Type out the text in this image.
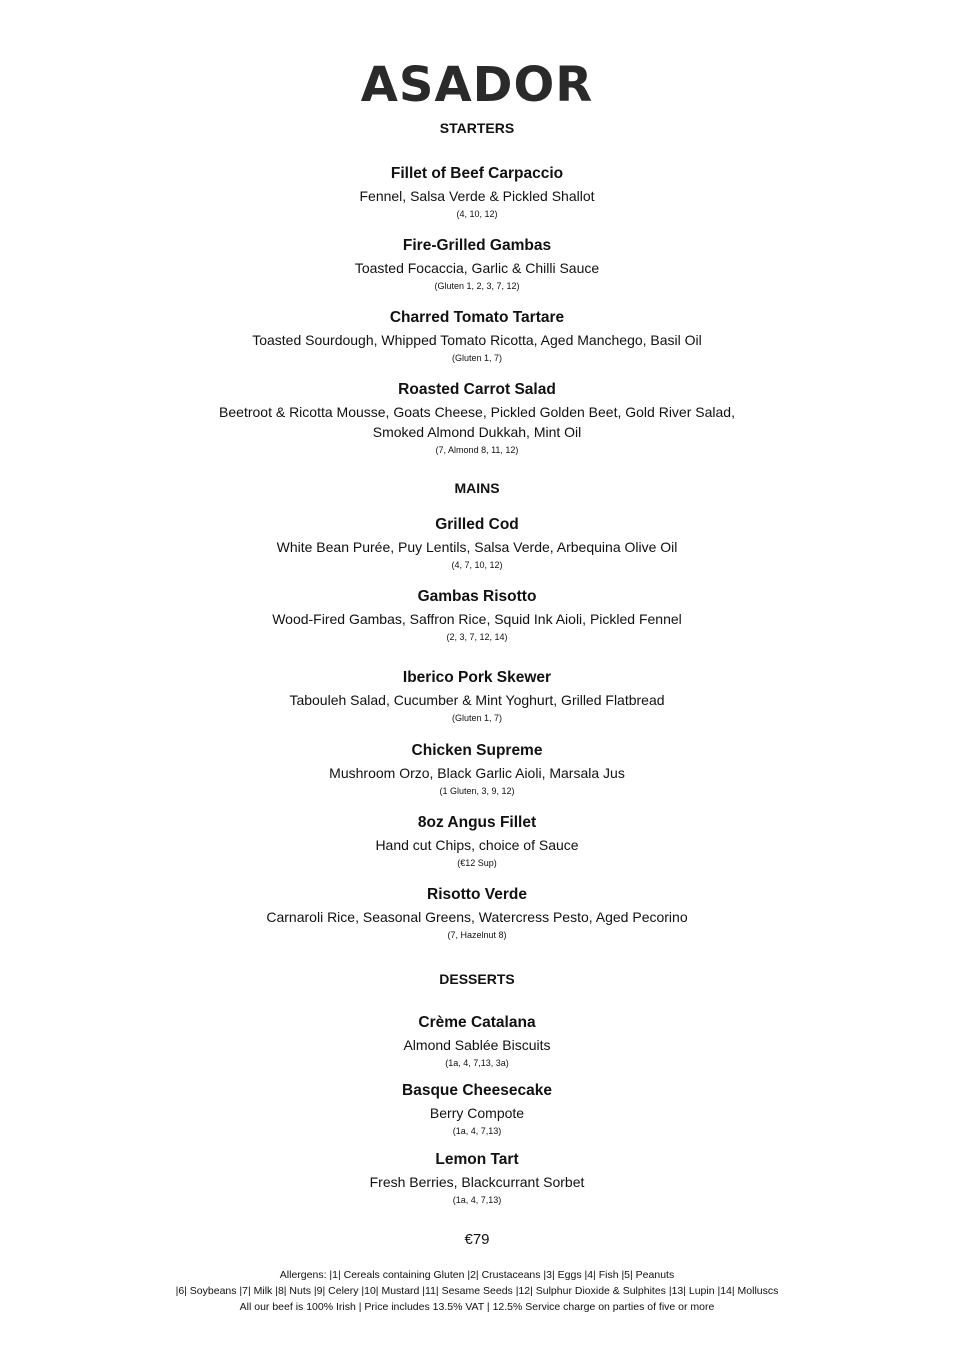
ASADOR
STARTERS

Fillet of Beef Carpaccio

Fennel, Salsa Verde & Pickled Shallot

(4, 10, 12)

Fire-Grilled Gambas

Toasted Focaccia, Garlic & Chilli Sauce

(Gluten 1, 2, 3, 7, 12)

Charred Tomato Tartare

Toasted Sourdough, Whipped Tomato Ricotta, Aged Manchego, Basil Oil

(Gluten 1, 7)

Roasted Carrot Salad

Beetroot & Ricotta Mousse, Goats Cheese, Pickled Golden Beet, Gold River Salad, Smoked Almond Dukkah, Mint Oil

(7, Almond 8, 11, 12)

MAINS

Grilled Cod

White Bean Purée, Puy Lentils, Salsa Verde, Arbequina Olive Oil

(4, 7, 10, 12)

Gambas Risotto

Wood-Fired Gambas, Saffron Rice, Squid Ink Aioli, Pickled Fennel

(2, 3, 7, 12, 14)

Iberico Pork Skewer

Tabouleh Salad, Cucumber & Mint Yoghurt, Grilled Flatbread

(Gluten 1, 7)

Chicken Supreme

Mushroom Orzo, Black Garlic Aioli, Marsala Jus

(1 Gluten, 3, 9, 12)

8oz Angus Fillet

Hand cut Chips, choice of Sauce

(€12 Sup)

Risotto Verde

Carnaroli Rice, Seasonal Greens, Watercress Pesto, Aged Pecorino

(7, Hazelnut 8)

DESSERTS

Crème Catalana

Almond Sablée Biscuits

(1a, 4, 7,13, 3a)

Basque Cheesecake

Berry Compote

(1a, 4, 7,13)

Lemon Tart

Fresh Berries, Blackcurrant Sorbet

(1a, 4, 7,13)

€79
Allergens: |1| Cereals containing Gluten |2| Crustaceans |3| Eggs |4| Fish |5| Peanuts
|6| Soybeans |7| Milk |8| Nuts |9| Celery |10| Mustard |11| Sesame Seeds |12| Sulphur Dioxide & Sulphites |13| Lupin |14| Molluscs
All our beef is 100% Irish | Price includes 13.5% VAT | 12.5% Service charge on parties of five or more
